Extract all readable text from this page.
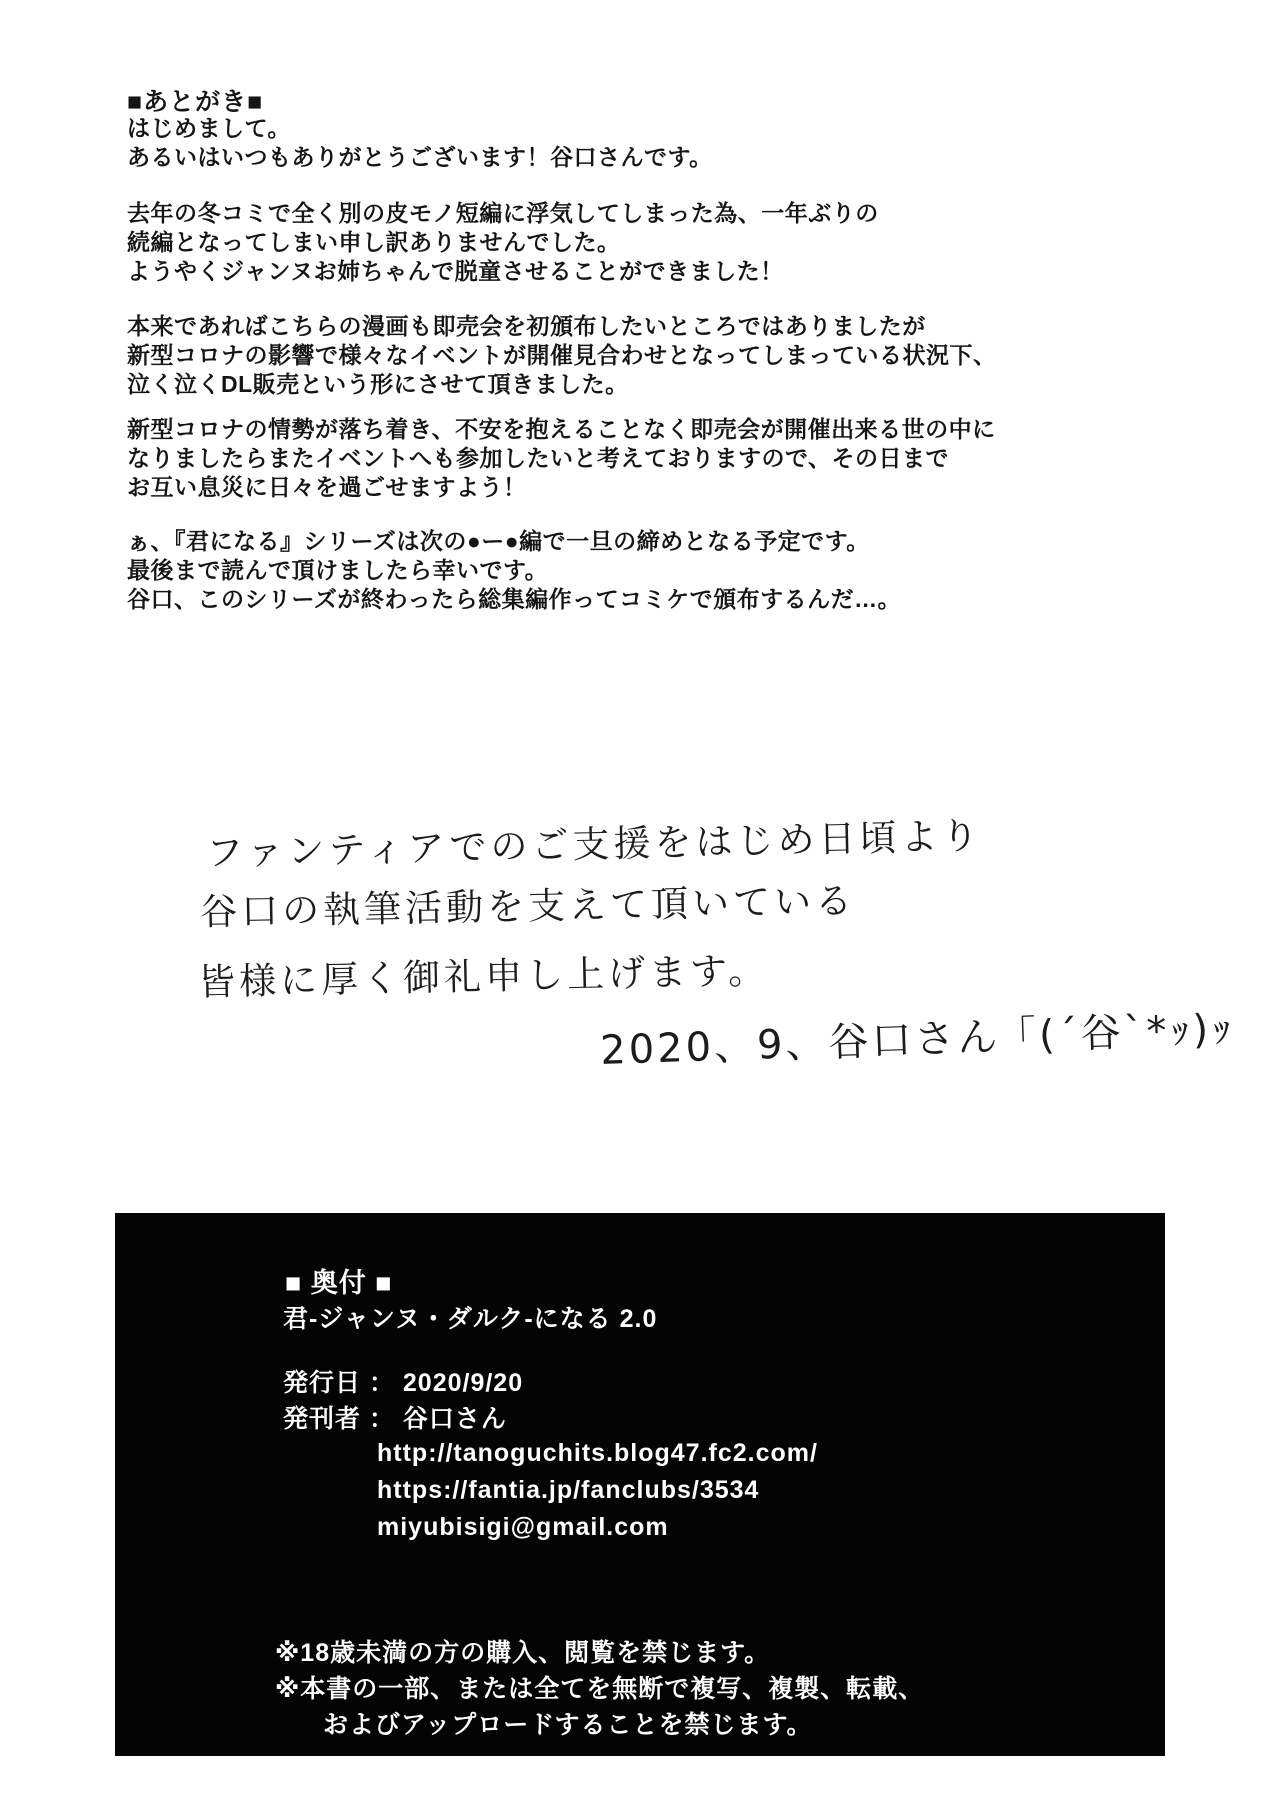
■あとがき■
はじめまして。
あるいはいつもありがとうございます！谷口さんです。
去年の冬コミで全く別の皮モノ短編に浮気してしまった為、一年ぶりの
続編となってしまい申し訳ありませんでした。
ようやくジャンヌお姉ちゃんで脱童させることができました！
本来であればこちらの漫画も即売会を初頒布したいところではありましたが
新型コロナの影響で様々なイベントが開催見合わせとなってしまっている状況下、
泣く泣くDL販売という形にさせて頂きました。
新型コロナの情勢が落ち着き、不安を抱えることなく即売会が開催出来る世の中に
なりましたらまたイベントへも参加したいと考えておりますので、その日まで
お互い息災に日々を過ごせますよう！
ぁ、『君になる』シリーズは次の●ー●編で一旦の締めとなる予定です。
最後まで読んで頂けましたら幸いです。
谷口、このシリーズが終わったら総集編作ってコミケで頒布するんだ…。
ファンティアでのご支援をはじめ日頃より
谷口の執筆活動を支えて頂いている
皆様に厚く御礼申し上げます。
2020、9、谷口さん ｢(´谷`*ｯ)ｯ
■ 奥付 ■
君-ジャンヌ・ダルク-になる 2.0
発行日 ： 2020/9/20
発刊者 ： 谷口さん
http://tanoguchits.blog47.fc2.com/
https://fantia.jp/fanclubs/3534
miyubisigi@gmail.com
※18歳未満の方の購入、閲覧を禁じます。
※本書の一部、または全てを無断で複写、複製、転載、
およびアップロードすることを禁じます。
